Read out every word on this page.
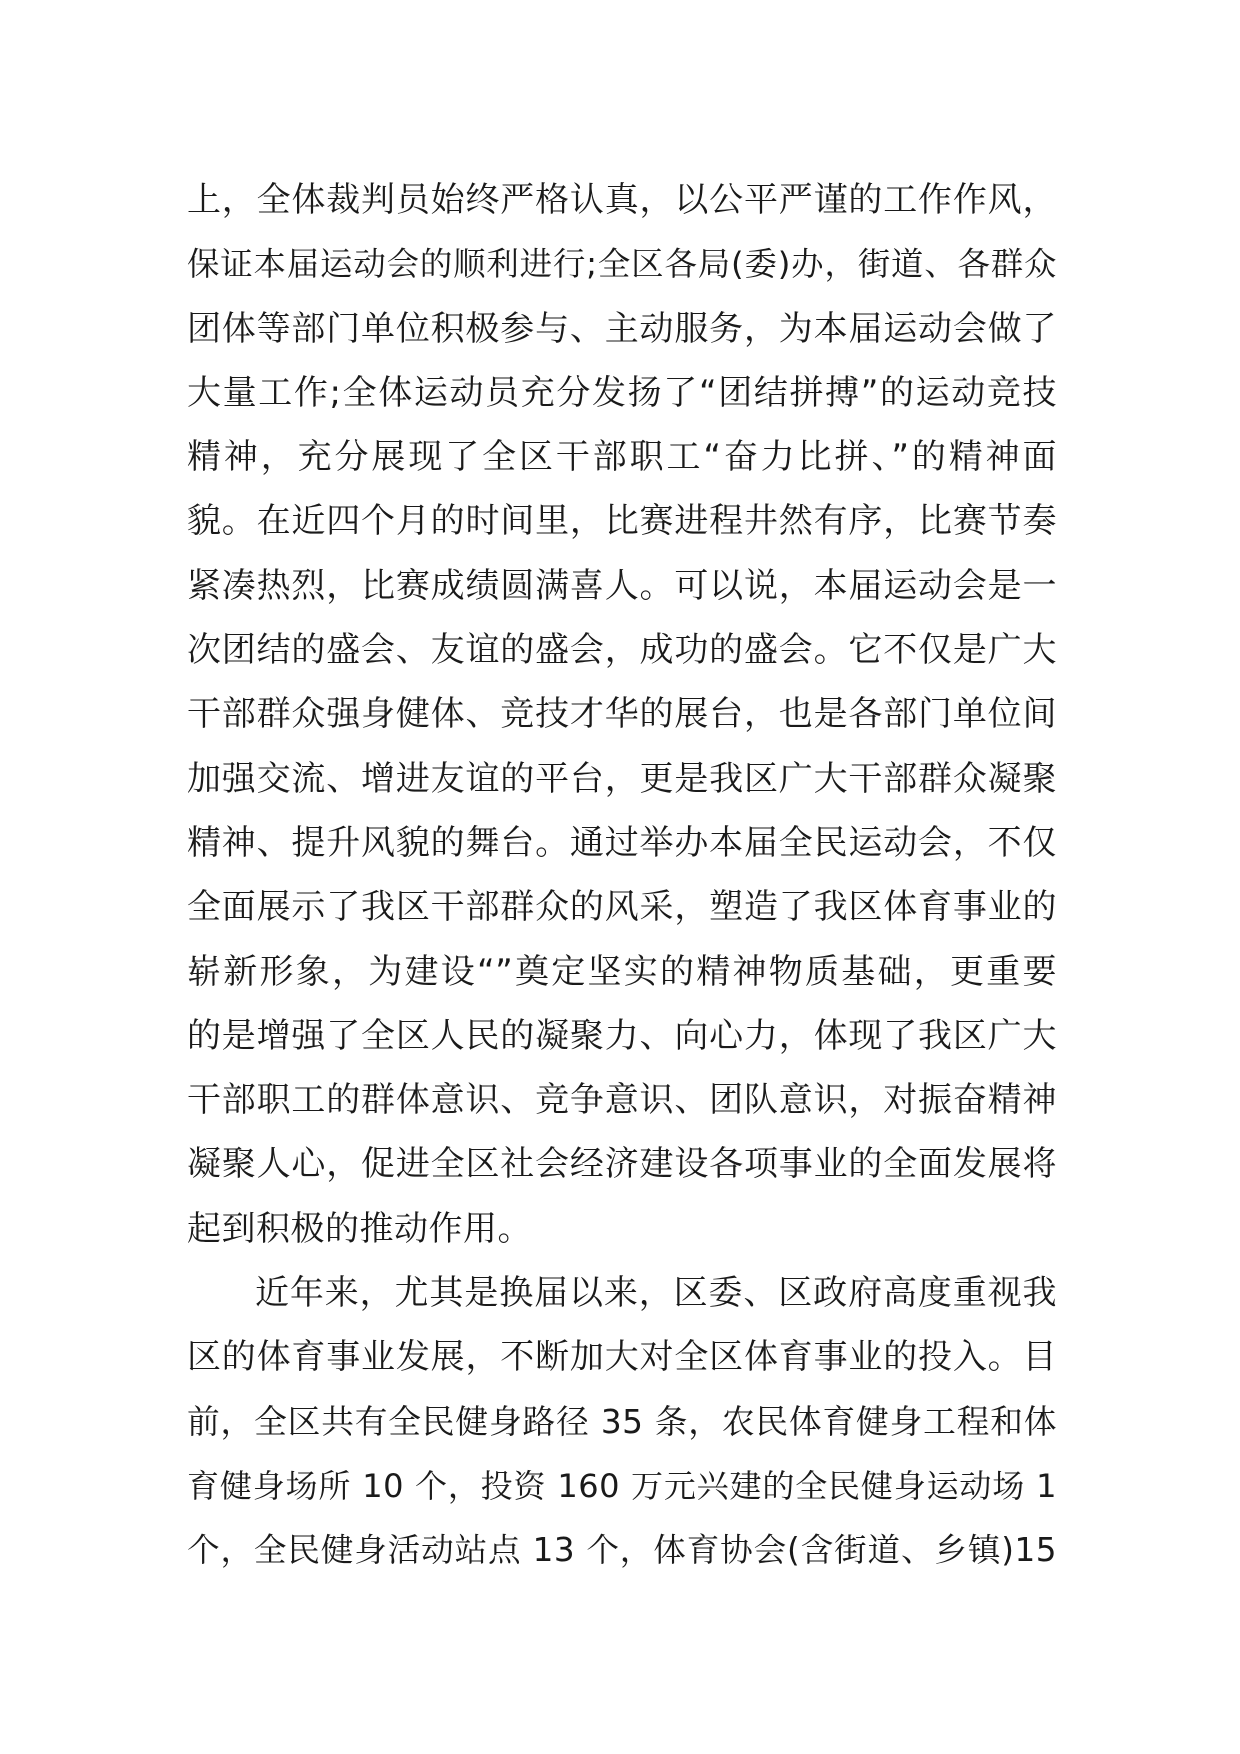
上，全体裁判员始终严格认真，以公平严谨的工作作风，
保证本届运动会的顺利进行;全区各局(委)办，街道、各群众
团体等部门单位积极参与、主动服务，为本届运动会做了
大量工作;全体运动员充分发扬了“团结拼搏”的运动竞技
精神，充分展现了全区干部职工“奋力比拼、”的精神面
貌。在近四个月的时间里，比赛进程井然有序，比赛节奏
紧凑热烈，比赛成绩圆满喜人。可以说，本届运动会是一
次团结的盛会、友谊的盛会，成功的盛会。它不仅是广大
干部群众强身健体、竞技才华的展台，也是各部门单位间
加强交流、增进友谊的平台，更是我区广大干部群众凝聚
精神、提升风貌的舞台。通过举办本届全民运动会，不仅
全面展示了我区干部群众的风采，塑造了我区体育事业的
崭新形象，为建设“”奠定坚实的精神物质基础，更重要
的是增强了全区人民的凝聚力、向心力，体现了我区广大
干部职工的群体意识、竞争意识、团队意识，对振奋精神
凝聚人心，促进全区社会经济建设各项事业的全面发展将
起到积极的推动作用。
近年来，尤其是换届以来，区委、区政府高度重视我
区的体育事业发展，不断加大对全区体育事业的投入。目
前，全区共有全民健身路径 35 条，农民体育健身工程和体
育健身场所 10 个，投资 160 万元兴建的全民健身运动场 1
个，全民健身活动站点 13 个，体育协会(含街道、乡镇)15
